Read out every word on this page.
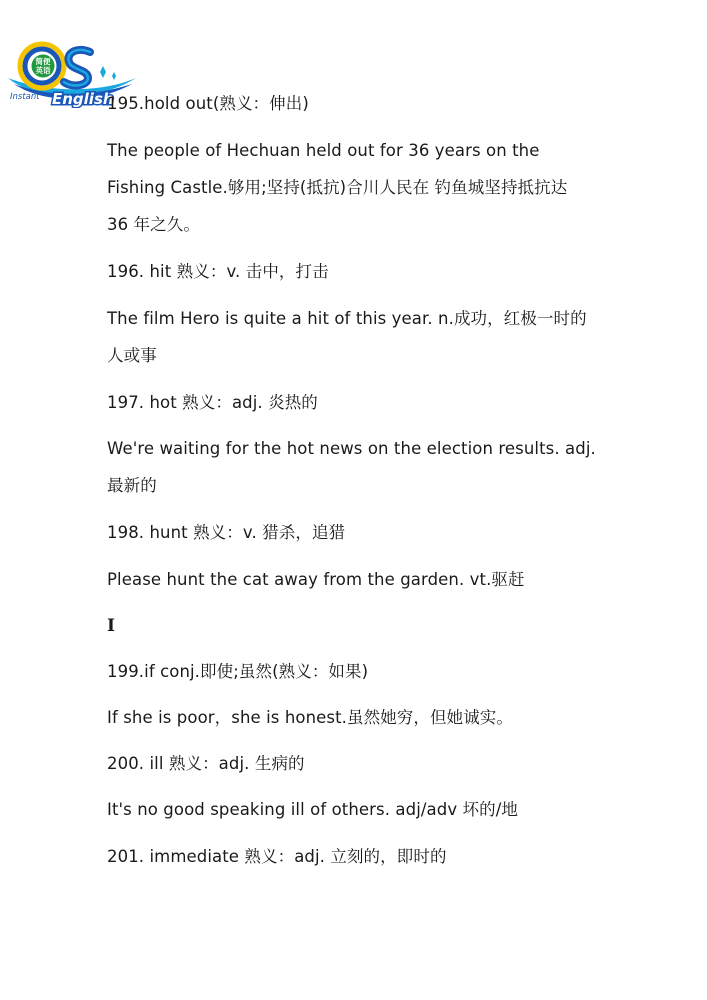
简便
英语
Instant English
195.hold out(熟义：伸出)
The people of Hechuan held out for 36 years on the
Fishing Castle.够用;坚持(抵抗)合川人民在 钓鱼城坚持抵抗达
36 年之久。
196. hit 熟义：v. 击中，打击
The film Hero is quite a hit of this year. n.成功，红极一时的
人或事
197. hot 熟义：adj. 炎热的
We're waiting for the hot news on the election results. adj.
最新的
198. hunt 熟义：v. 猎杀，追猎
Please hunt the cat away from the garden. vt.驱赶
I
199.if conj.即使;虽然(熟义：如果)
If she is poor，she is honest.虽然她穷，但她诚实。
200. ill 熟义：adj. 生病的
It's no good speaking ill of others. adj/adv 坏的/地
201. immediate 熟义：adj. 立刻的，即时的
